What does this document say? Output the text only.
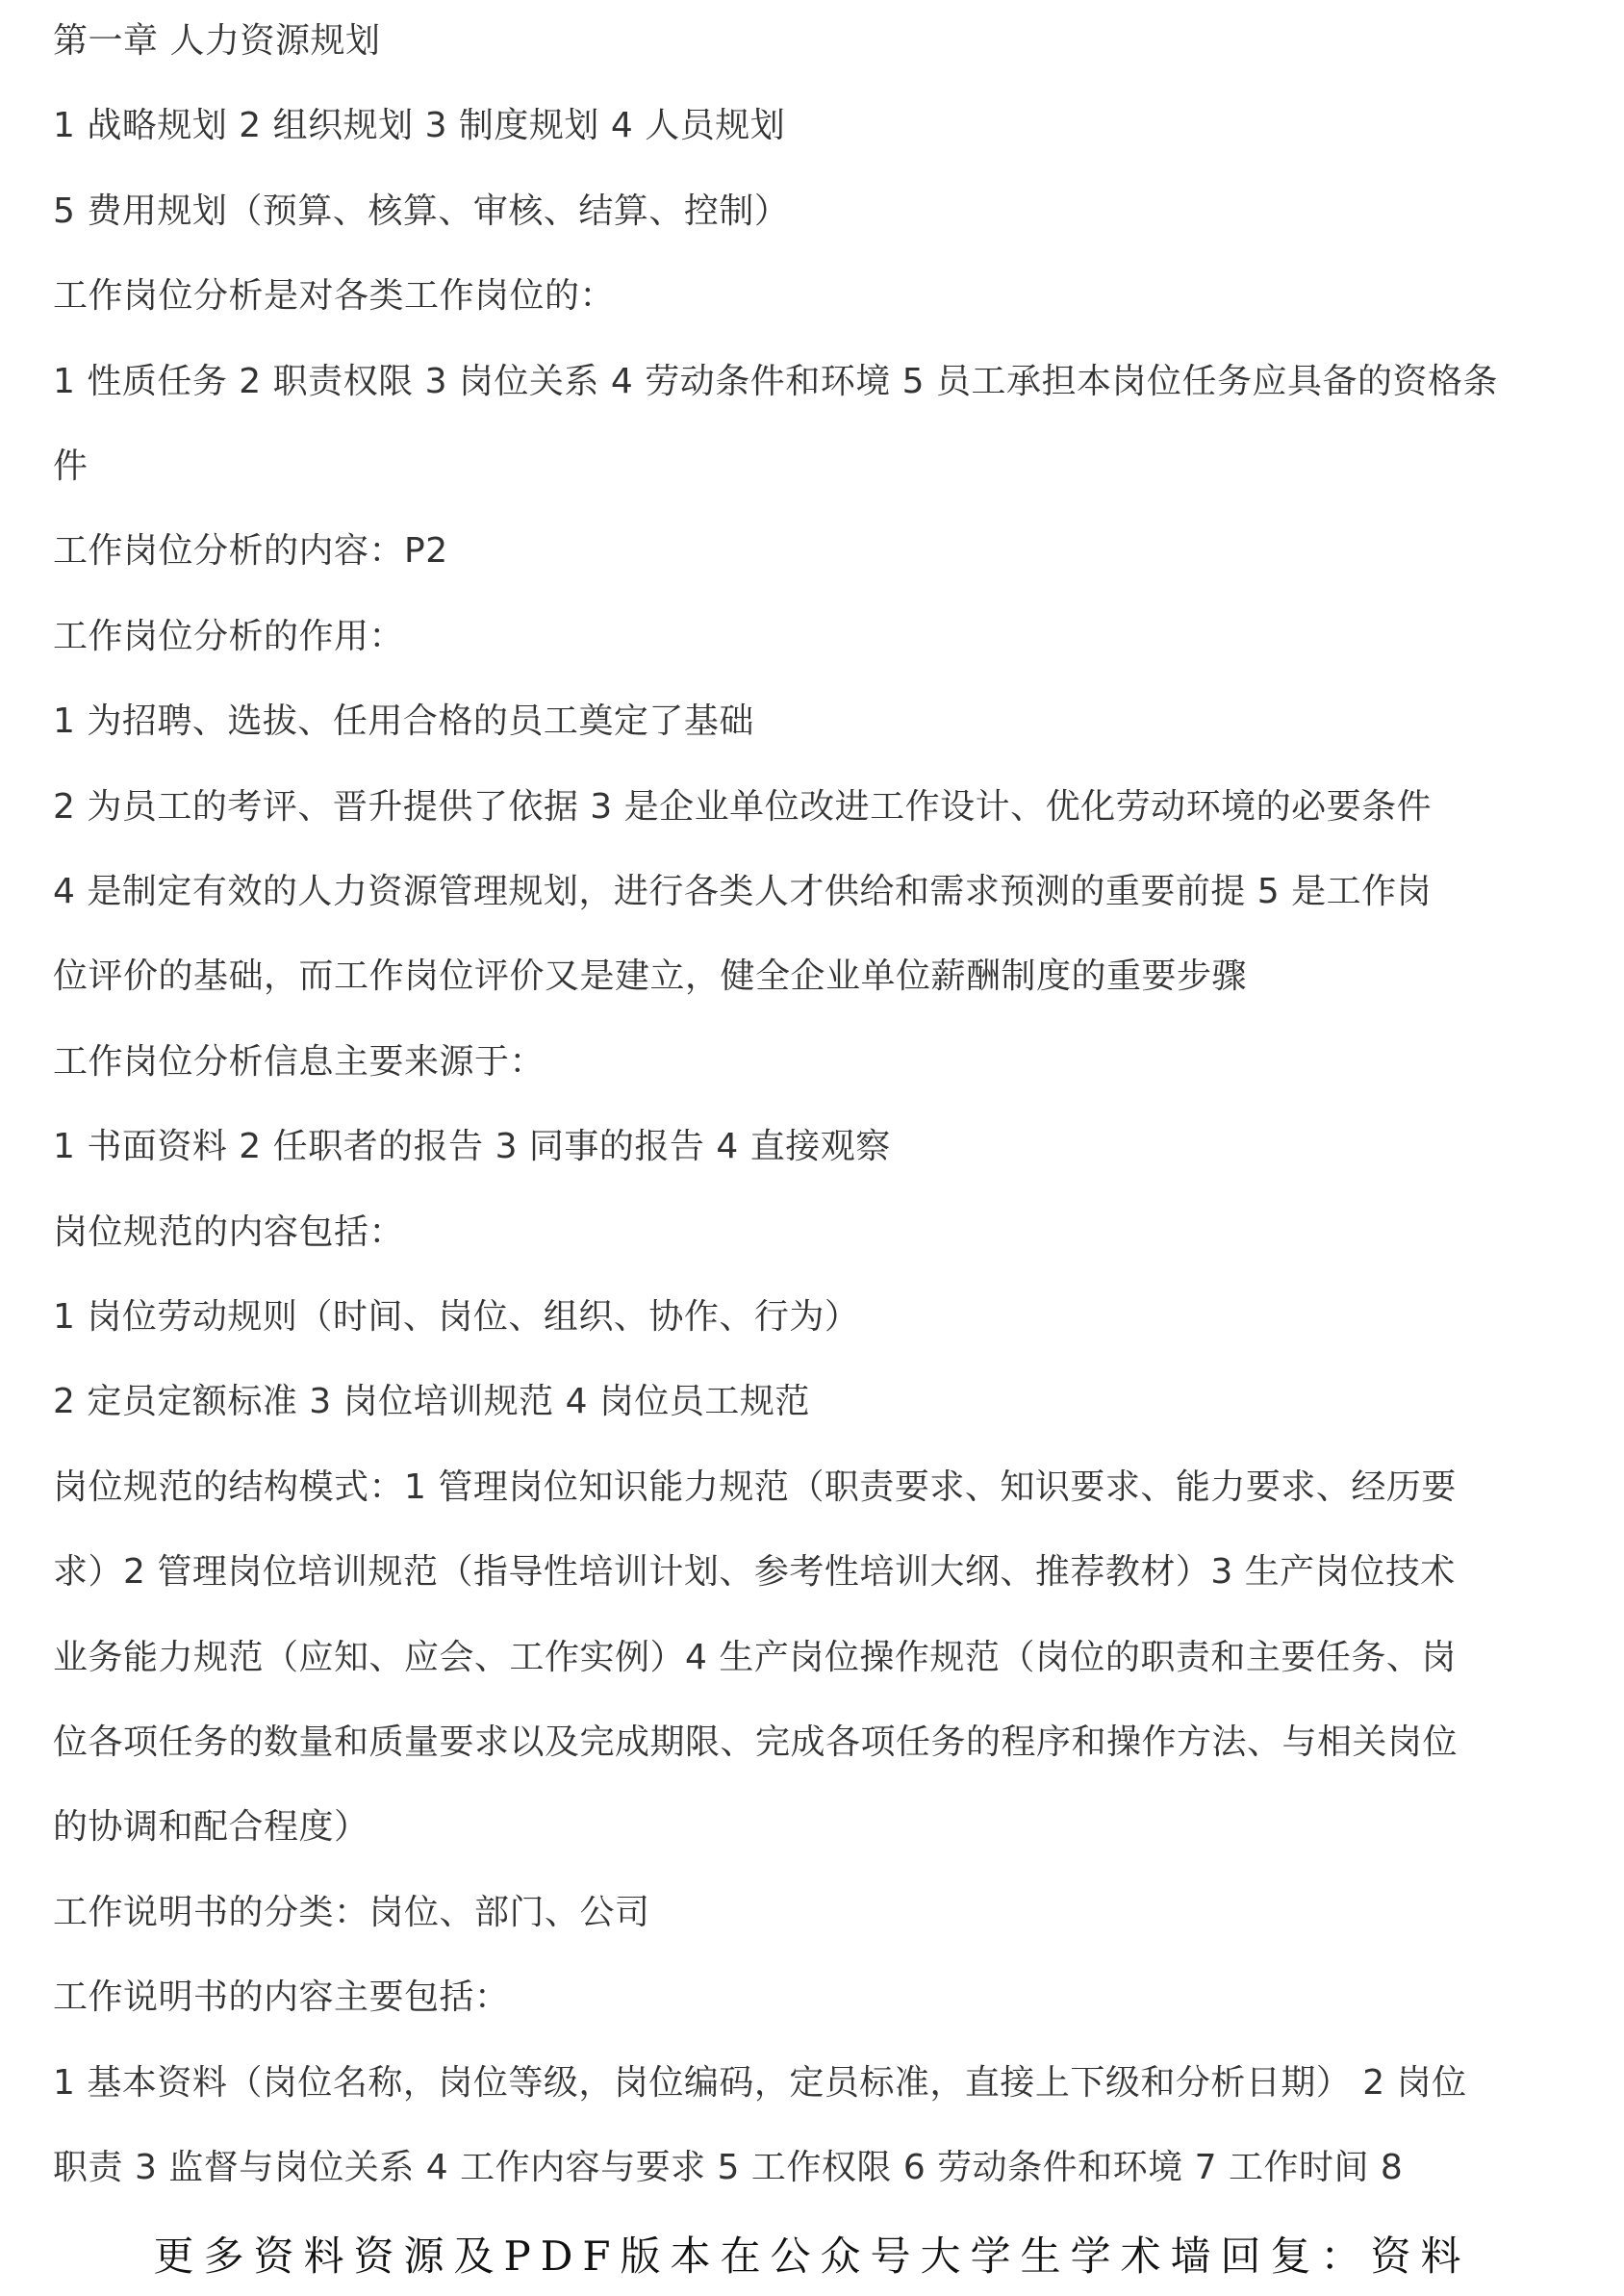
第一章 人力资源规划
1 战略规划 2 组织规划 3 制度规划 4 人员规划
5 费用规划（预算、核算、审核、结算、控制）
工作岗位分析是对各类工作岗位的：
1 性质任务 2 职责权限 3 岗位关系 4 劳动条件和环境 5 员工承担本岗位任务应具备的资格条
件
工作岗位分析的内容：P2
工作岗位分析的作用：
1 为招聘、选拔、任用合格的员工奠定了基础
2 为员工的考评、晋升提供了依据 3 是企业单位改进工作设计、优化劳动环境的必要条件
4 是制定有效的人力资源管理规划，进行各类人才供给和需求预测的重要前提 5 是工作岗
位评价的基础，而工作岗位评价又是建立，健全企业单位薪酬制度的重要步骤
工作岗位分析信息主要来源于：
1 书面资料 2 任职者的报告 3 同事的报告 4 直接观察
岗位规范的内容包括：
1 岗位劳动规则（时间、岗位、组织、协作、行为）
2 定员定额标准 3 岗位培训规范 4 岗位员工规范
岗位规范的结构模式：1 管理岗位知识能力规范（职责要求、知识要求、能力要求、经历要
求）2 管理岗位培训规范（指导性培训计划、参考性培训大纲、推荐教材）3 生产岗位技术
业务能力规范（应知、应会、工作实例）4 生产岗位操作规范（岗位的职责和主要任务、岗
位各项任务的数量和质量要求以及完成期限、完成各项任务的程序和操作方法、与相关岗位
的协调和配合程度）
工作说明书的分类：岗位、部门、公司
工作说明书的内容主要包括：
1 基本资料（岗位名称，岗位等级，岗位编码，定员标准，直接上下级和分析日期） 2 岗位
职责 3 监督与岗位关系 4 工作内容与要求 5 工作权限 6 劳动条件和环境 7 工作时间 8
更多资料资源及PDF版本在公众号大学生学术墙回复：资料
